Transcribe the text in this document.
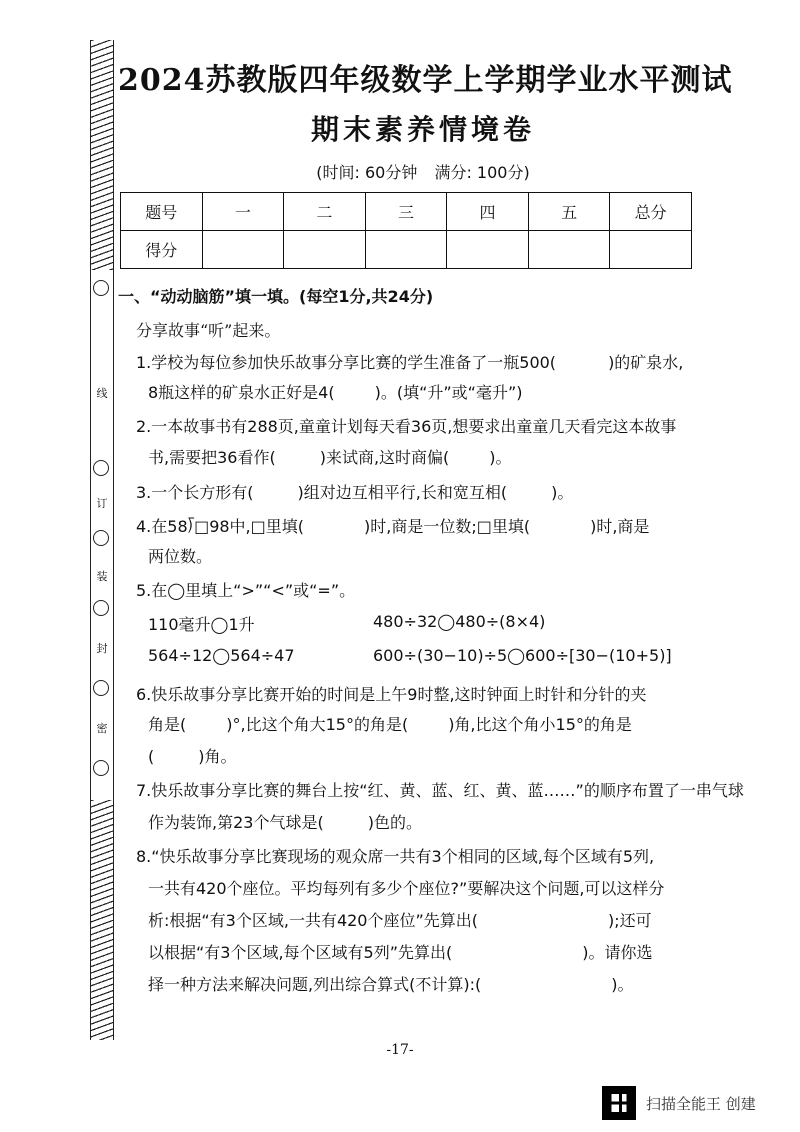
线
订
装
封
密
2024苏教版四年级数学上学期学业水平测试
期末素养情境卷
(时间: 60分钟 满分: 100分)
题号	一	二	三	四	五	总分
得分						
一、“动动脑筋”填一填。(每空1分,共24分)
分享故事“听”起来。
1.学校为每位参加快乐故事分享比赛的学生准备了一瓶500(	)的矿泉水,
8瓶这样的矿泉水正好是4(	)。(填“升”或“毫升”)
2.一本故事书有288页,童童计划每天看36页,想要求出童童几天看完这本故事
书,需要把36看作(	)来试商,这时商偏(	)。
3.一个长方形有(	)组对边互相平行,长和宽互相(	)。
4.在58⟌□98中,□里填(	)时,商是一位数;□里填(	)时,商是
两位数。
5.在◯里填上“>”“<”或“=”。
110毫升◯1升	480÷32◯480÷(8×4)
564÷12◯564÷47	600÷(30−10)÷5◯600÷[30−(10+5)]
6.快乐故事分享比赛开始的时间是上午9时整,这时钟面上时针和分针的夹
角是(	)°,比这个角大15°的角是(	)角,比这个角小15°的角是
(	)角。
7.快乐故事分享比赛的舞台上按“红、黄、蓝、红、黄、蓝……”的顺序布置了一串气球
作为装饰,第23个气球是(	)色的。
8.“快乐故事分享比赛现场的观众席一共有3个相同的区域,每个区域有5列,
一共有420个座位。平均每列有多少个座位?”要解决这个问题,可以这样分
析:根据“有3个区域,一共有420个座位”先算出(	);还可
以根据“有3个区域,每个区域有5列”先算出(	)。请你选
择一种方法来解决问题,列出综合算式(不计算):(	)。
-17-
扫描全能王 创建
